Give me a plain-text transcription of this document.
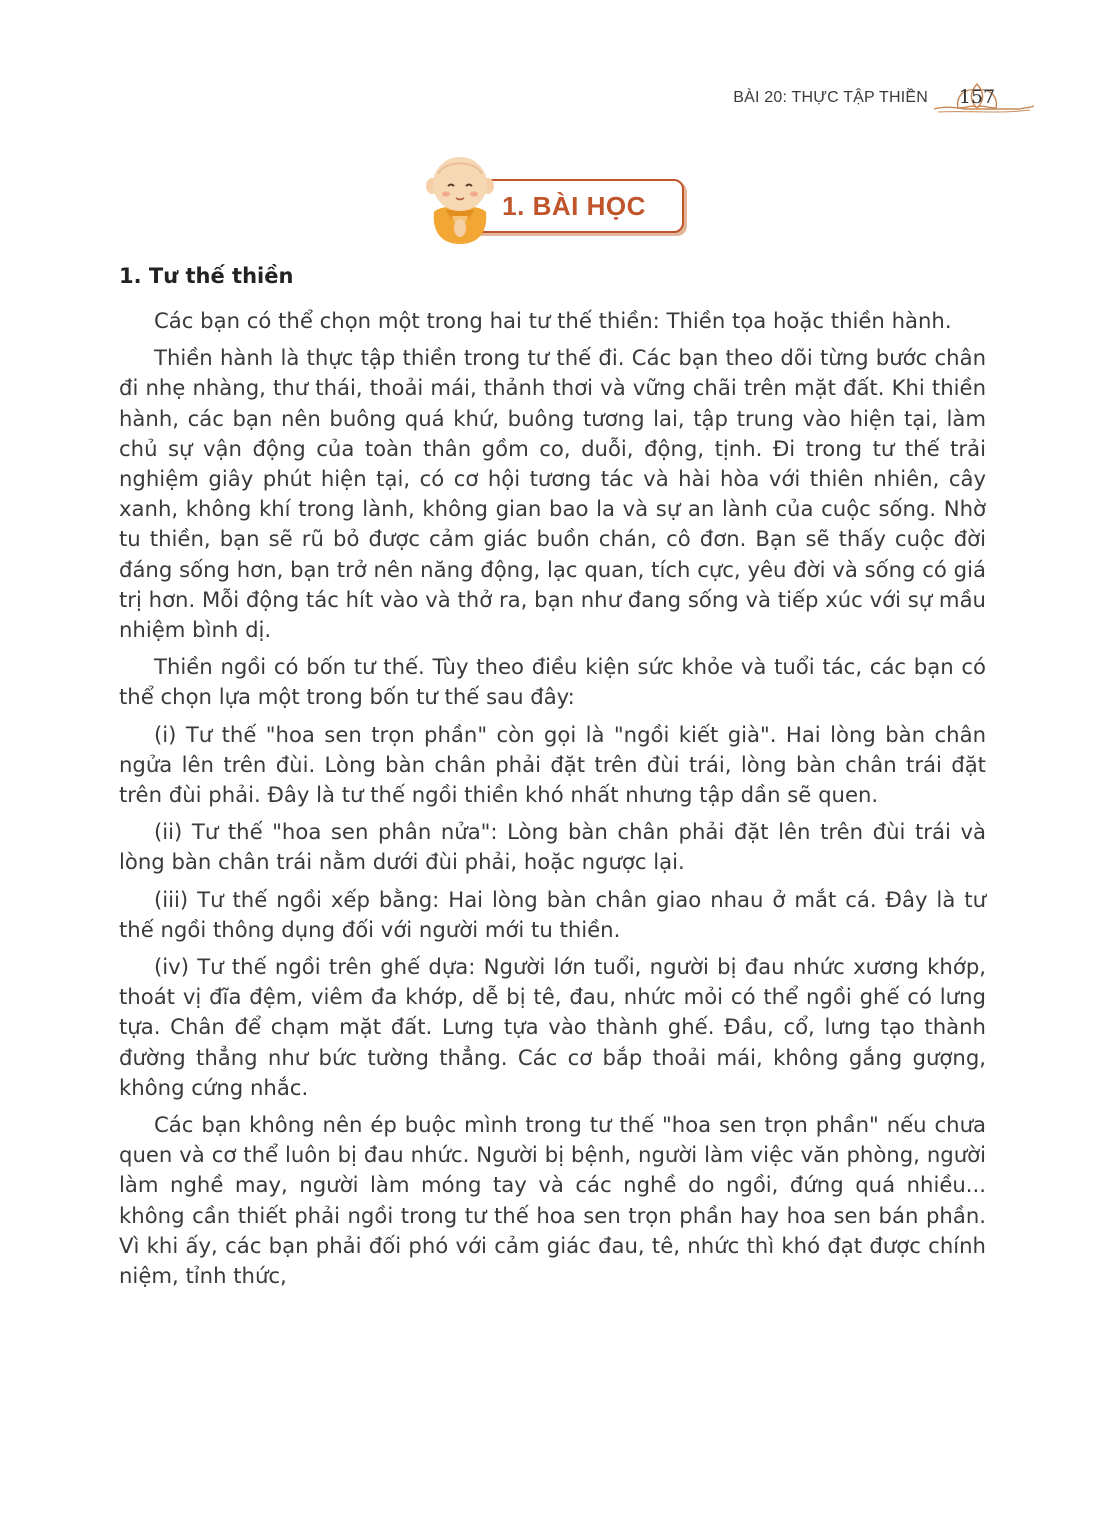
BÀI 20: THỰC TẬP THIỀN	157
1. BÀI HỌC
1. Tư thế thiền

Các bạn có thể chọn một trong hai tư thế thiền: Thiền tọa hoặc thiền hành.

Thiền hành là thực tập thiền trong tư thế đi. Các bạn theo dõi từng bước chân đi nhẹ nhàng, thư thái, thoải mái, thảnh thơi và vững chãi trên mặt đất. Khi thiền hành, các bạn nên buông quá khứ, buông tương lai, tập trung vào hiện tại, làm chủ sự vận động của toàn thân gồm co, duỗi, động, tịnh. Đi trong tư thế trải nghiệm giây phút hiện tại, có cơ hội tương tác và hài hòa với thiên nhiên, cây xanh, không khí trong lành, không gian bao la và sự an lành của cuộc sống. Nhờ tu thiền, bạn sẽ rũ bỏ được cảm giác buồn chán, cô đơn. Bạn sẽ thấy cuộc đời đáng sống hơn, bạn trở nên năng động, lạc quan, tích cực, yêu đời và sống có giá trị hơn. Mỗi động tác hít vào và thở ra, bạn như đang sống và tiếp xúc với sự mầu nhiệm bình dị.

Thiền ngồi có bốn tư thế. Tùy theo điều kiện sức khỏe và tuổi tác, các bạn có thể chọn lựa một trong bốn tư thế sau đây:

(i) Tư thế "hoa sen trọn phần" còn gọi là "ngồi kiết già". Hai lòng bàn chân ngửa lên trên đùi. Lòng bàn chân phải đặt trên đùi trái, lòng bàn chân trái đặt trên đùi phải. Đây là tư thế ngồi thiền khó nhất nhưng tập dần sẽ quen.

(ii) Tư thế "hoa sen phân nửa": Lòng bàn chân phải đặt lên trên đùi trái và lòng bàn chân trái nằm dưới đùi phải, hoặc ngược lại.

(iii) Tư thế ngồi xếp bằng: Hai lòng bàn chân giao nhau ở mắt cá. Đây là tư thế ngồi thông dụng đối với người mới tu thiền.

(iv) Tư thế ngồi trên ghế dựa: Người lớn tuổi, người bị đau nhức xương khớp, thoát vị đĩa đệm, viêm đa khớp, dễ bị tê, đau, nhức mỏi có thể ngồi ghế có lưng tựa. Chân để chạm mặt đất. Lưng tựa vào thành ghế. Đầu, cổ, lưng tạo thành đường thẳng như bức tường thẳng. Các cơ bắp thoải mái, không gắng gượng, không cứng nhắc.

Các bạn không nên ép buộc mình trong tư thế "hoa sen trọn phần" nếu chưa quen và cơ thể luôn bị đau nhức. Người bị bệnh, người làm việc văn phòng, người làm nghề may, người làm móng tay và các nghề do ngồi, đứng quá nhiều... không cần thiết phải ngồi trong tư thế hoa sen trọn phần hay hoa sen bán phần. Vì khi ấy, các bạn phải đối phó với cảm giác đau, tê, nhức thì khó đạt được chính niệm, tỉnh thức,
